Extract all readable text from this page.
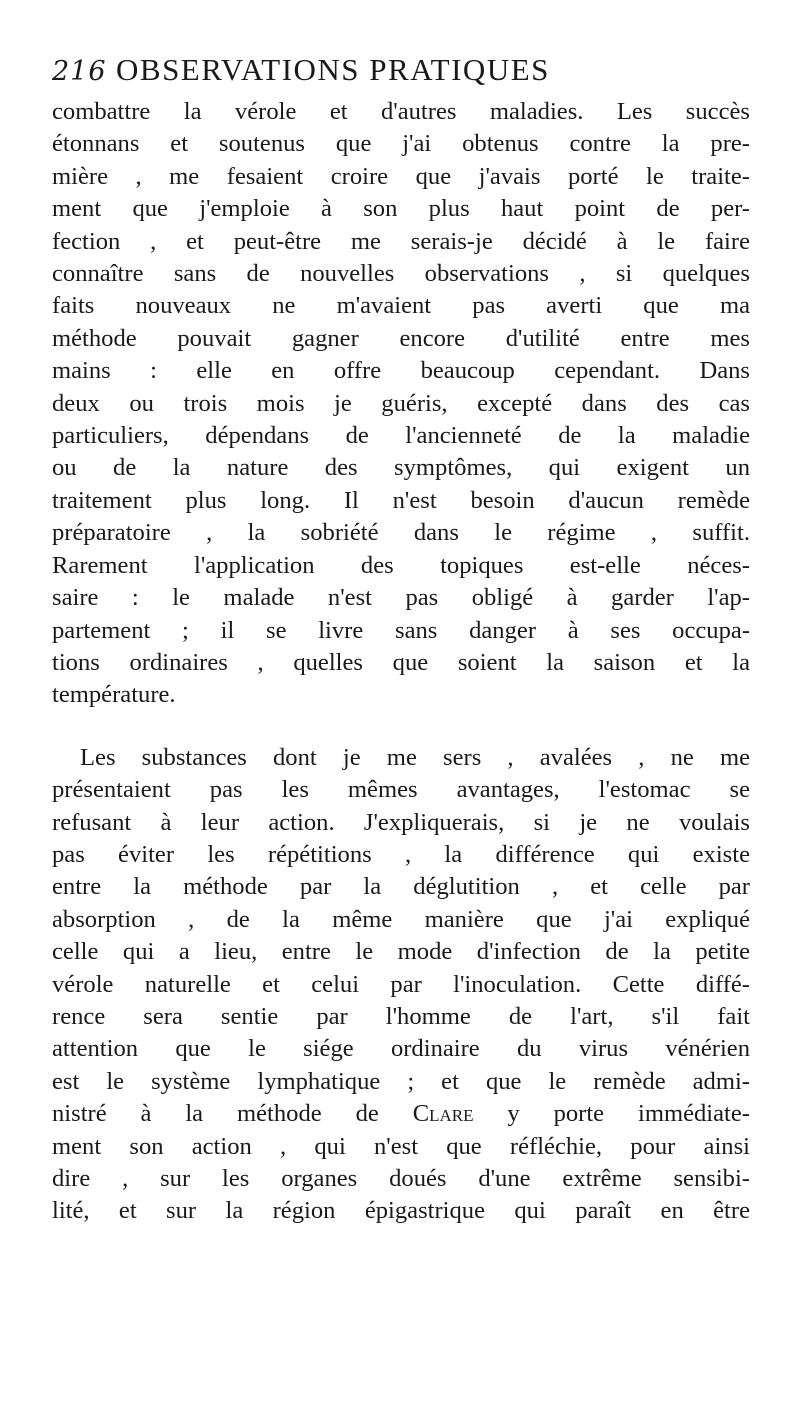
216 OBSERVATIONS PRATIQUES
combattre la vérole et d'autres maladies. Les succès
étonnans et soutenus que j'ai obtenus contre la pre-
mière , me fesaient croire que j'avais porté le traite-
ment que j'emploie à son plus haut point de per-
fection , et peut-être me serais-je décidé à le faire
connaître sans de nouvelles observations , si quelques
faits nouveaux ne m'avaient pas averti que ma
méthode pouvait gagner encore d'utilité entre mes
mains : elle en offre beaucoup cependant. Dans
deux ou trois mois je guéris, excepté dans des cas
particuliers, dépendans de l'ancienneté de la maladie
ou de la nature des symptômes, qui exigent un
traitement plus long. Il n'est besoin d'aucun remède
préparatoire , la sobriété dans le régime , suffit.
Rarement l'application des topiques est-elle néces-
saire : le malade n'est pas obligé à garder l'ap-
partement ; il se livre sans danger à ses occupa-
tions ordinaires , quelles que soient la saison et la
température.
Les substances dont je me sers , avalées , ne me
présentaient pas les mêmes avantages, l'estomac se
refusant à leur action. J'expliquerais, si je ne voulais
pas éviter les répétitions , la différence qui existe
entre la méthode par la déglutition , et celle par
absorption , de la même manière que j'ai expliqué
celle qui a lieu, entre le mode d'infection de la petite
vérole naturelle et celui par l'inoculation. Cette diffé-
rence sera sentie par l'homme de l'art, s'il fait
attention que le siége ordinaire du virus vénérien
est le système lymphatique ; et que le remède admi-
nistré à la méthode de Clare y porte immédiate-
ment son action , qui n'est que réfléchie, pour ainsi
dire , sur les organes doués d'une extrême sensibi-
lité, et sur la région épigastrique qui paraît en être
